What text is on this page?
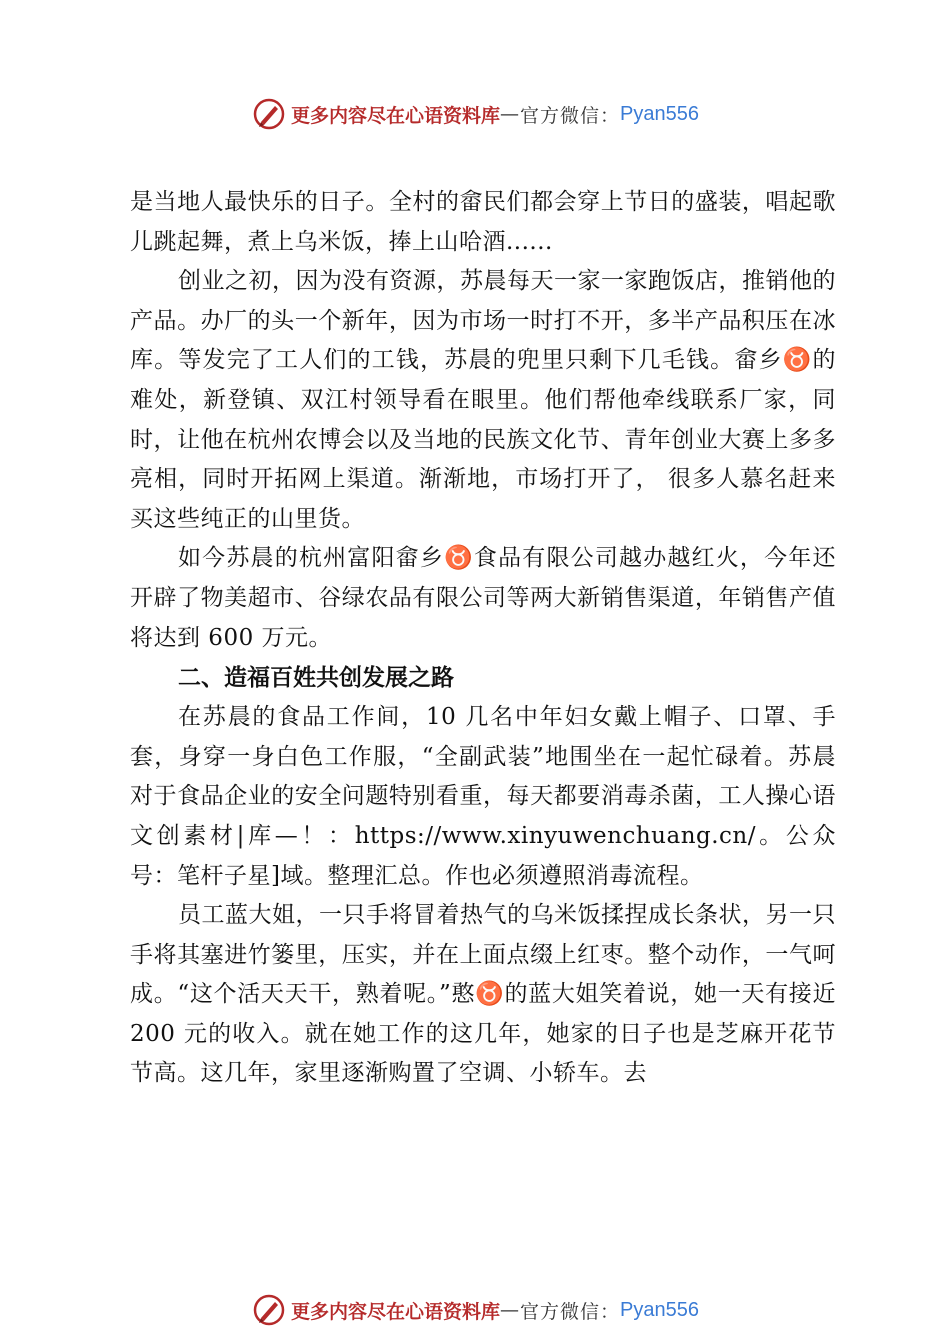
更多内容尽在心语资料库 — 官方微信： Pyan556

是当地人最快乐的日子。全村的畲民们都会穿上节日的盛装，唱起歌儿跳起舞，煮上乌米饭，捧上山哈酒......

创业之初，因为没有资源，苏晨每天一家一家跑饭店，推销他的产品。办厂的头一个新年，因为市场一时打不开，多半产品积压在冰库。等发完了工人们的工钱，苏晨的兜里只剩下几毛钱。畲乡♉的难处，新登镇、双江村领导看在眼里。他们帮他牵线联系厂家，同时，让他在杭州农博会以及当地的民族文化节、青年创业大赛上多多亮相，同时开拓网上渠道。渐渐地，市场打开了， 很多人慕名赶来买这些纯正的山里货。

如今苏晨的杭州富阳畲乡♉食品有限公司越办越红火，今年还开辟了物美超市、谷绿农品有限公司等两大新销售渠道，年销售产值将达到 600 万元。

二、造福百姓共创发展之路

在苏晨的食品工作间，10 几名中年妇女戴上帽子、口罩、手套，身穿一身白色工作服，“全副武装”地围坐在一起忙碌着。苏晨对于食品企业的安全问题特别看重，每天都要消毒杀菌，工人操心语文创素材|库—！：https://www.xinyuwenchuang.cn/。公众号：笔杆子星]域。整理汇总。作也必须遵照消毒流程。

员工蓝大姐，一只手将冒着热气的乌米饭揉捏成长条状，另一只手将其塞进竹篓里，压实，并在上面点缀上红枣。整个动作，一气呵成。“这个活天天干，熟着呢。”憨♉的蓝大姐笑着说，她一天有接近 200 元的收入。就在她工作的这几年，她家的日子也是芝麻开花节节高。这几年，家里逐渐购置了空调、小轿车。去

更多内容尽在心语资料库 — 官方微信： Pyan556
